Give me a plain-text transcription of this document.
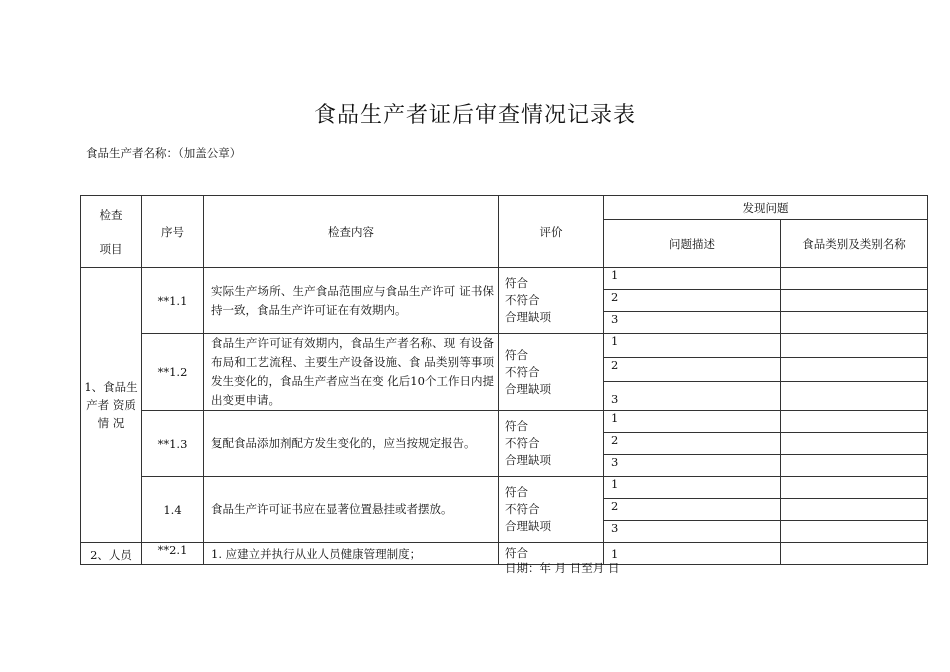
食品生产者证后审查情况记录表
食品生产者名称：（加盖公章）
检查
项目	序号	检查内容	评价	发现问题	
				问题描述	食品类别及类别名称
1、食品生产者 资质情 况	**1.1	实际生产场所、生产食品范围应与食品生产许可 证书保持一致，食品生产许可证在有效期内。	符合
不符合
合理缺项	1	
				2	
				3	
	**1.2	食品生产许可证有效期内，食品生产者名称、现 有设备布局和工艺流程、主要生产设备设施、食 品类别等事项发生变化的，食品生产者应当在变 化后10个工作日内提出变更申请。	符合
不符合
合理缺项	1	
				2	
				3	
	**1.3	复配食品添加剂配方发生变化的，应当按规定报告。	符合
不符合
合理缺项	1	
				2	
				3	
	1.4	食品生产许可证书应在显著位置悬挂或者摆放。	符合
不符合
合理缺项	1	
				2	
				3	
2、人员	**2.1	1. 应建立并执行从业人员健康管理制度；	符合	1	
日期：年 月 日至月 日
